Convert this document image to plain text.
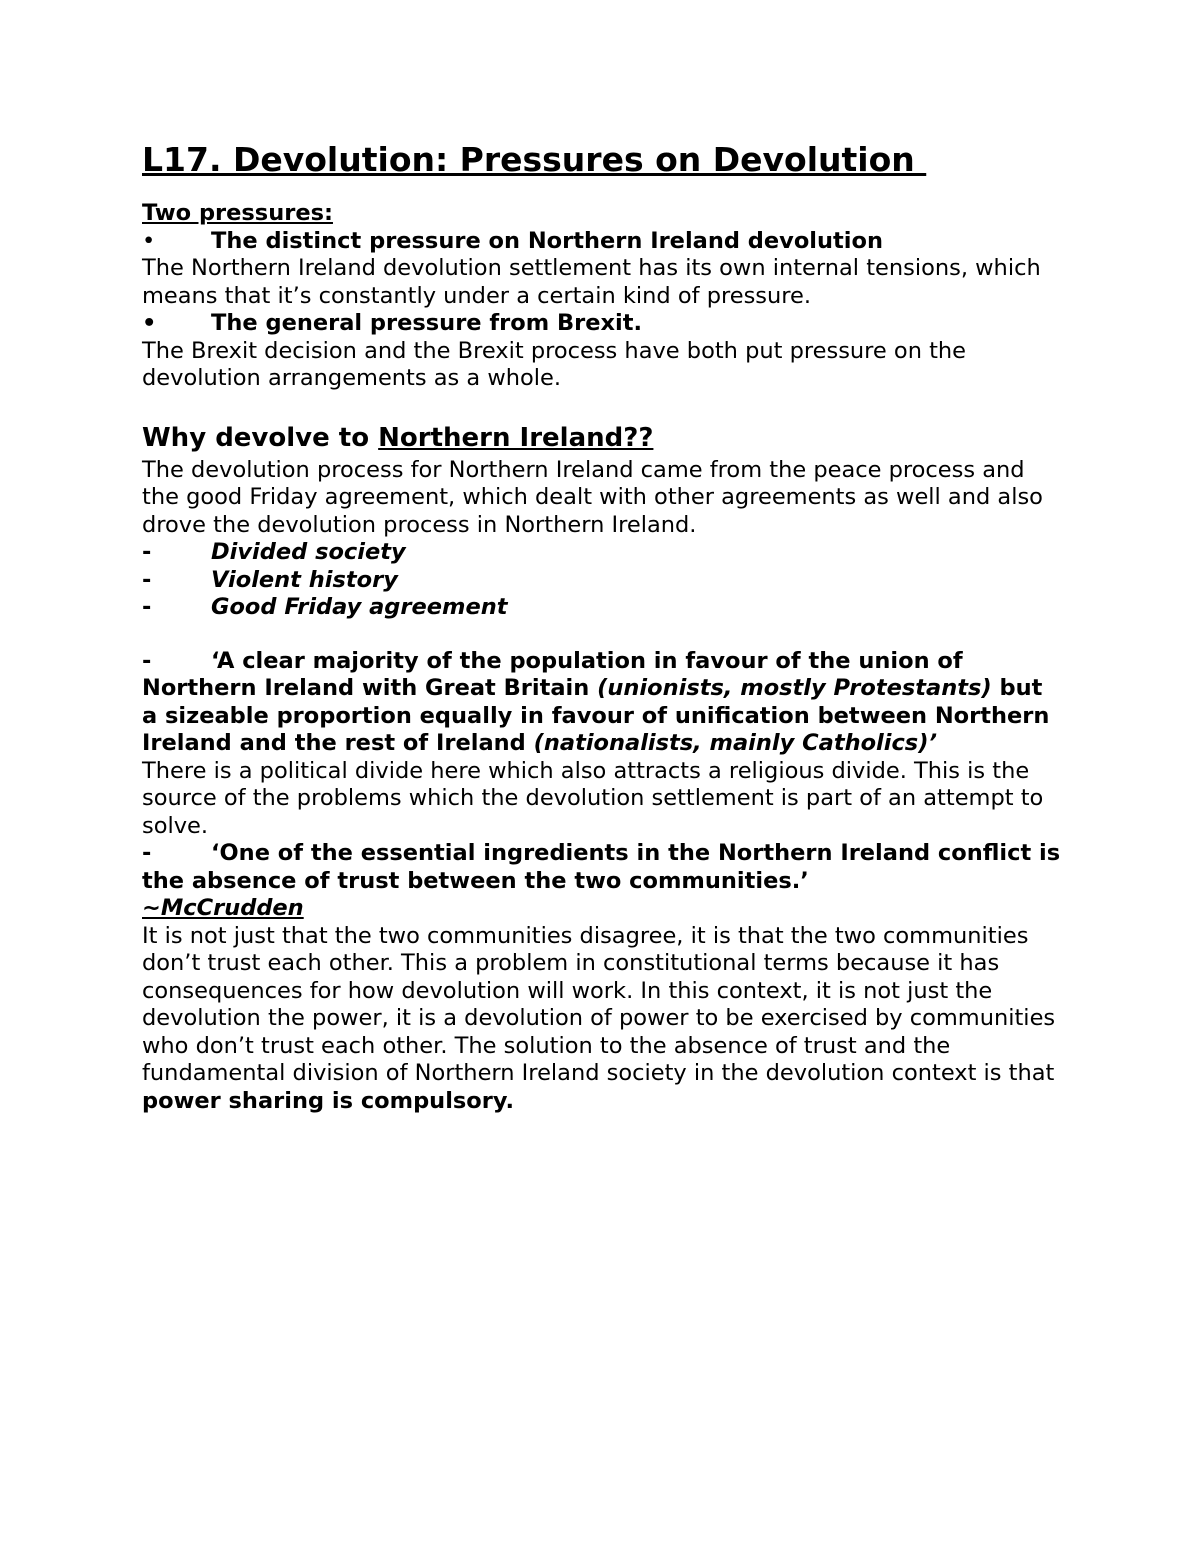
L17. Devolution: Pressures on Devolution

Two pressures:

•	The distinct pressure on Northern Ireland devolution

The Northern Ireland devolution settlement has its own internal tensions, which means that it’s constantly under a certain kind of pressure.

•	The general pressure from Brexit.

The Brexit decision and the Brexit process have both put pressure on the devolution arrangements as a whole.

Why devolve to Northern Ireland??

The devolution process for Northern Ireland came from the peace process and the good Friday agreement, which dealt with other agreements as well and also drove the devolution process in Northern Ireland.

-	Divided society
-	Violent history
-	Good Friday agreement

-	‘A clear majority of the population in favour of the union of Northern Ireland with Great Britain (unionists, mostly Protestants) but a sizeable proportion equally in favour of unification between Northern Ireland and the rest of Ireland (nationalists, mainly Catholics)’

There is a political divide here which also attracts a religious divide. This is the source of the problems which the devolution settlement is part of an attempt to solve.

-	‘One of the essential ingredients in the Northern Ireland conflict is the absence of trust between the two communities.’

~McCrudden

It is not just that the two communities disagree, it is that the two communities don’t trust each other. This a problem in constitutional terms because it has consequences for how devolution will work. In this context, it is not just the devolution the power, it is a devolution of power to be exercised by communities who don’t trust each other. The solution to the absence of trust and the fundamental division of Northern Ireland society in the devolution context is that power sharing is compulsory.
